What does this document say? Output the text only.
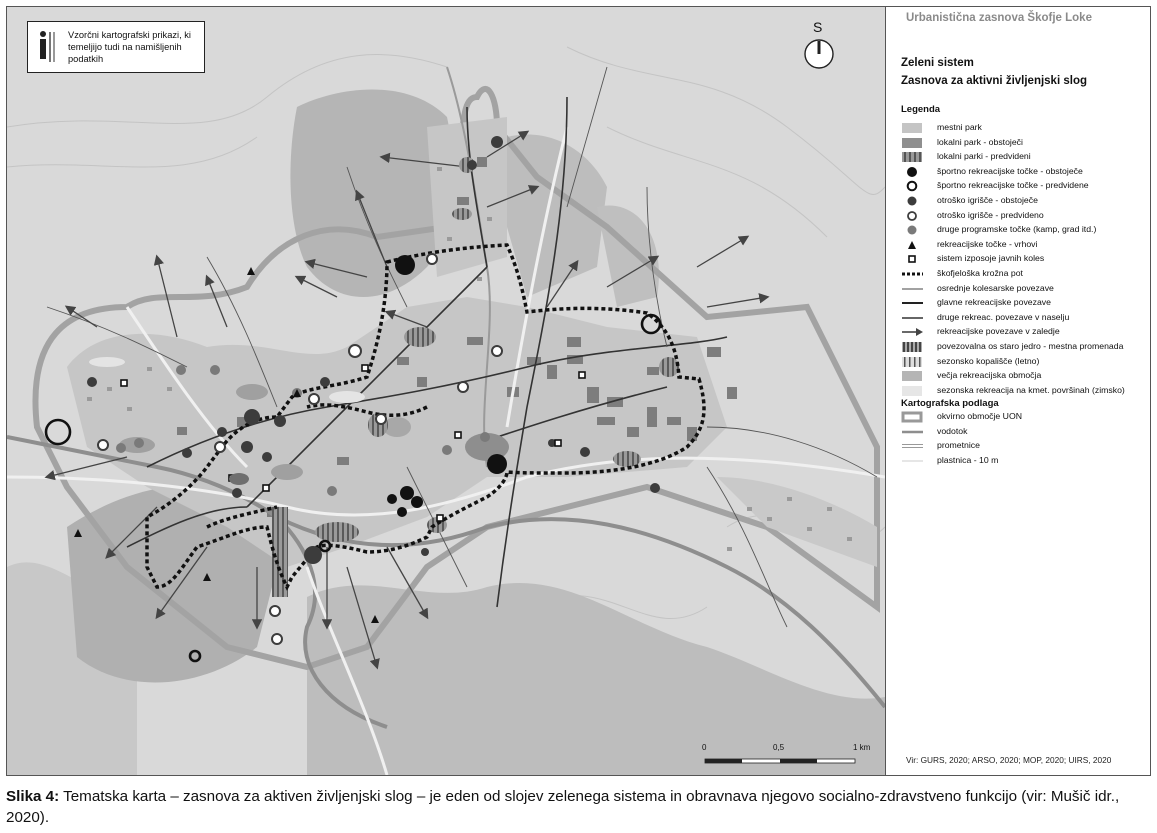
Vzorčni kartografski prikazi, ki temeljijo tudi na namišljenih podatkih
S
0	0,5	1 km
Urbanistična zasnova Škofje Loke
Zeleni sistem
Zasnova za aktivni življenjski slog
Legenda
mestni park
lokalni park - obstoječi
lokalni parki - predvideni
športno rekreacijske točke - obstoječe
športno rekreacijske točke - predvidene
otroško igrišče - obstoječe
otroško igrišče - predvideno
druge programske točke (kamp, grad itd.)
rekreacijske točke - vrhovi
sistem izposoje javnih koles
škofjeloška krožna pot
osrednje kolesarske povezave
glavne rekreacijske povezave
druge rekreac. povezave v naselju
rekreacijske povezave v zaledje
povezovalna os staro jedro - mestna promenada
sezonsko kopališče (letno)
večja rekreacijska območja
sezonska rekreacija na kmet. površinah (zimsko)
Kartografska podlaga
okvirno območje UON
vodotok
prometnice
plastnica - 10 m
Vir: GURS, 2020; ARSO, 2020; MOP, 2020; UIRS, 2020
Slika 4: Tematska karta – zasnova za aktiven življenjski slog – je eden od slojev zelenega sistema in obravnava njegovo socialno-zdravstveno funkcijo (vir: Mušič idr., 2020).
